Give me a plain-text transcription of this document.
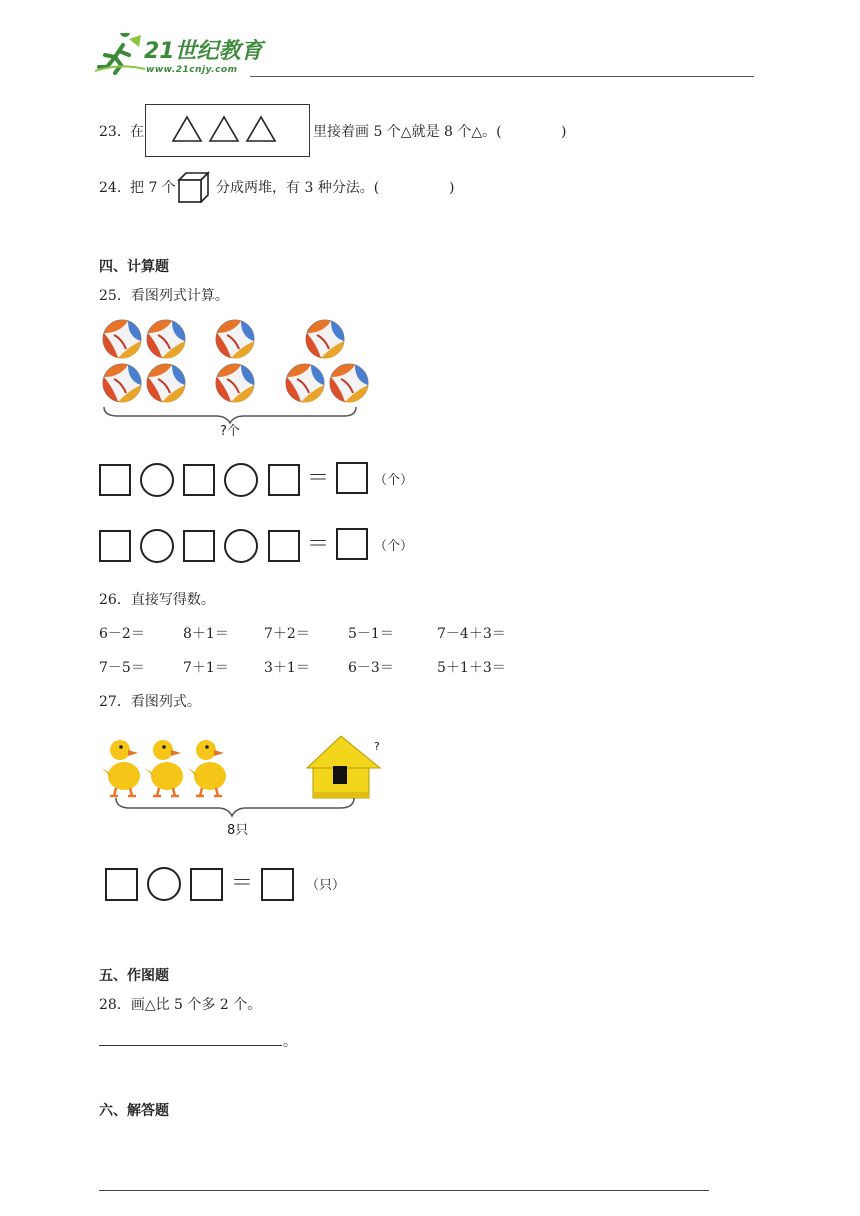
21世纪教育
www.21cnjy.com
23． 在	里接着画 5 个△就是 8 个△。(	)
24． 把 7 个	分成两堆，有 3 种分法。(	)
四、计算题
25．看图列式计算。
?个
＝	（个）
＝	（个）
26．直接写得数。
6－2＝	8＋1＝	7＋2＝	5－1＝	7－4＋3＝
7－5＝	7＋1＝	3＋1＝	6－3＝	5＋1＋3＝
27．看图列式。
?
8只
＝	（只）
五、作图题
28．画△比 5 个多 2 个。
。
六、解答题
